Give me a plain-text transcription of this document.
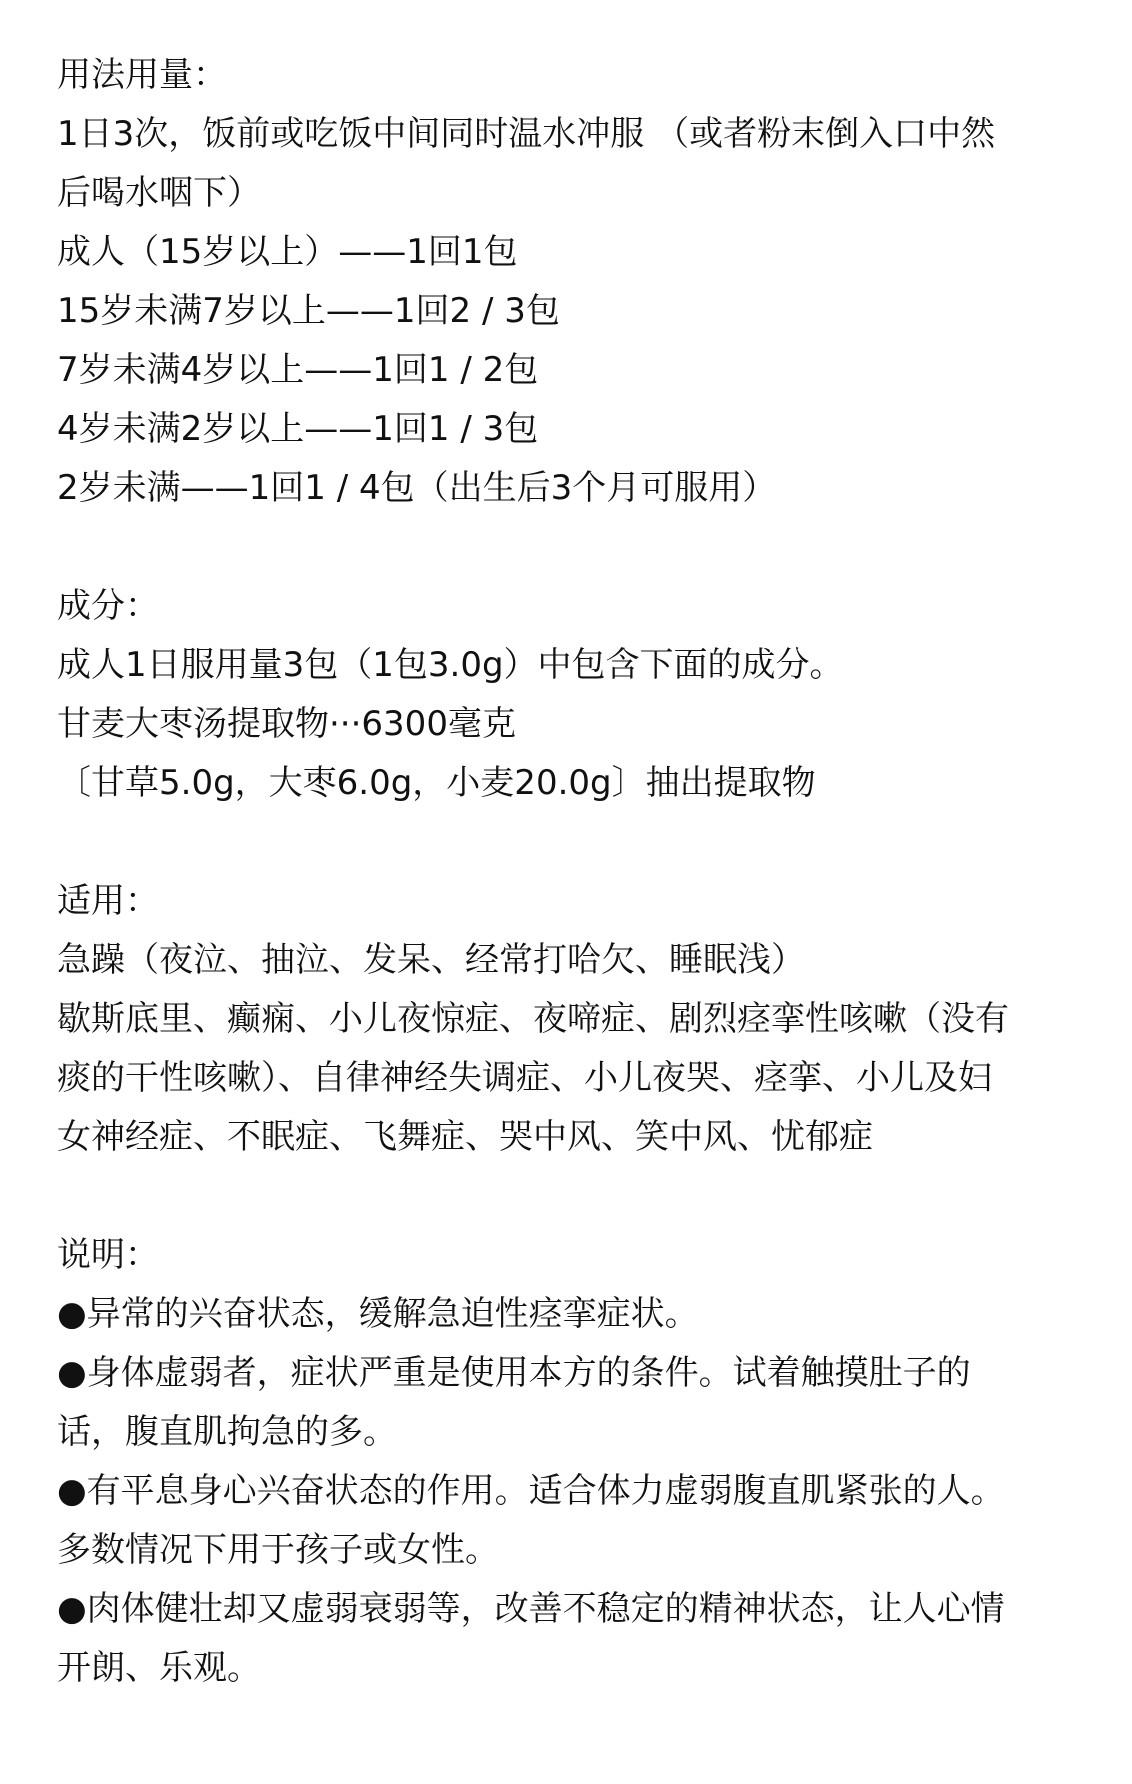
用法用量：
1日3次，饭前或吃饭中间同时温水冲服 （或者粉末倒入口中然
后喝水咽下）
成人（15岁以上）——1回1包
15岁未满7岁以上——1回2 / 3包
7岁未满4岁以上——1回1 / 2包
4岁未满2岁以上——1回1 / 3包
2岁未满——1回1 / 4包（出生后3个月可服用）
成分：
成人1日服用量3包（1包3.0g）中包含下面的成分。
甘麦大枣汤提取物···6300毫克
〔甘草5.0g，大枣6.0g，小麦20.0g〕抽出提取物
适用：
急躁（夜泣、抽泣、发呆、经常打哈欠、睡眠浅）
歇斯底里、癫痫、小儿夜惊症、夜啼症、剧烈痉挛性咳嗽（没有
痰的干性咳嗽）、自律神经失调症、小儿夜哭、痉挛、小儿及妇
女神经症、不眠症、飞舞症、哭中风、笑中风、忧郁症
说明：
●异常的兴奋状态，缓解急迫性痉挛症状。
●身体虚弱者，症状严重是使用本方的条件。试着触摸肚子的
话，腹直肌拘急的多。
●有平息身心兴奋状态的作用。适合体力虚弱腹直肌紧张的人。
多数情况下用于孩子或女性。
●肉体健壮却又虚弱衰弱等，改善不稳定的精神状态，让人心情
开朗、乐观。
